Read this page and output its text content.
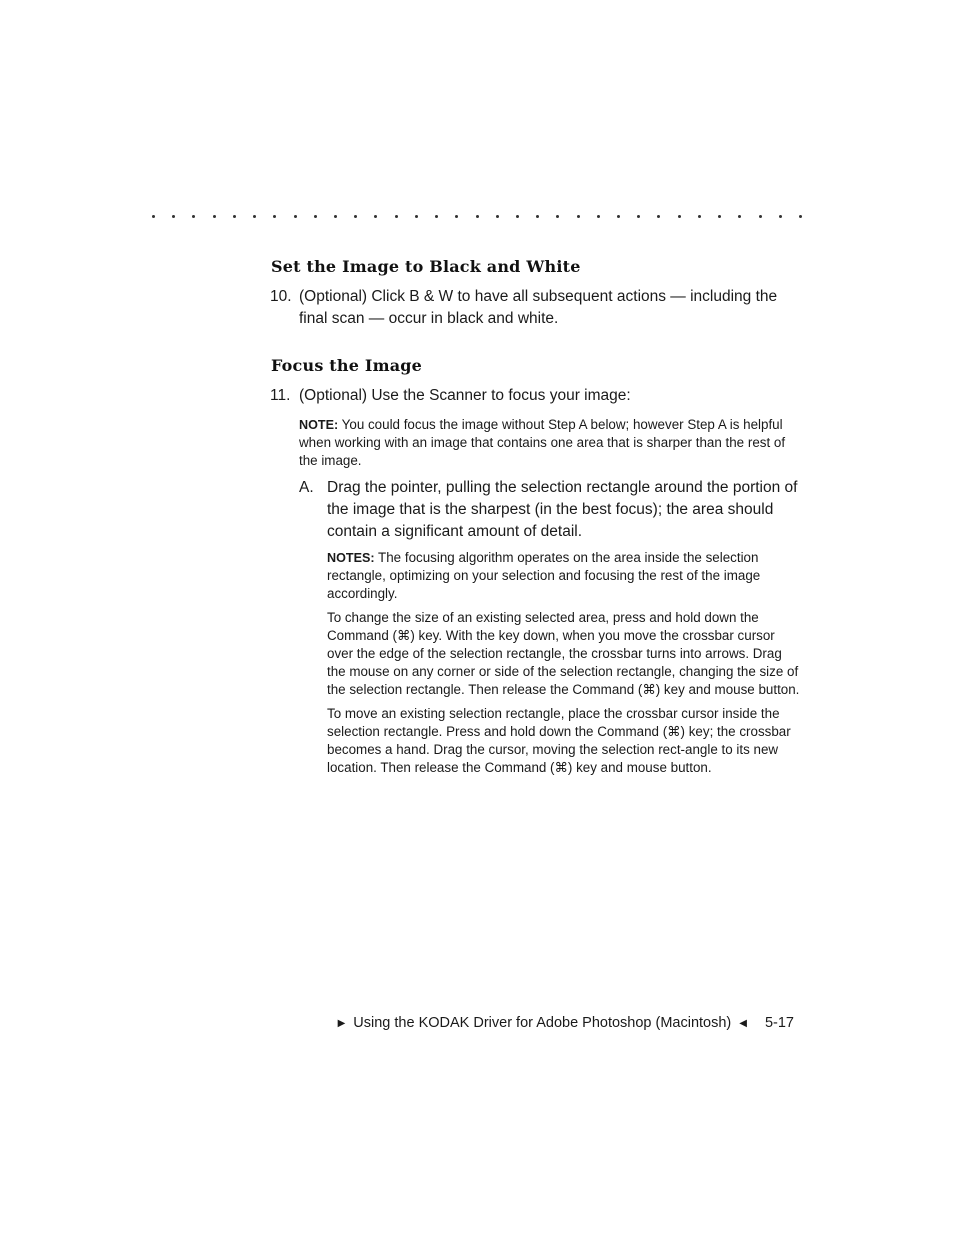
Set the Image to Black and White
10. (Optional) Click B & W to have all subsequent actions — including the final scan — occur in black and white.
Focus the Image
11. (Optional) Use the Scanner to focus your image:
NOTE: You could focus the image without Step A below; however Step A is helpful when working with an image that contains one area that is sharper than the rest of the image.
A. Drag the pointer, pulling the selection rectangle around the portion of the image that is the sharpest (in the best focus); the area should contain a significant amount of detail.
NOTES: The focusing algorithm operates on the area inside the selection rectangle, optimizing on your selection and focusing the rest of the image accordingly.
To change the size of an existing selected area, press and hold down the Command (⌘) key. With the key down, when you move the crossbar cursor over the edge of the selection rectangle, the crossbar turns into arrows. Drag the mouse on any corner or side of the selection rectangle, changing the size of the selection rectangle. Then release the Command (⌘) key and mouse button.
To move an existing selection rectangle, place the crossbar cursor inside the selection rectangle. Press and hold down the Command (⌘) key; the crossbar becomes a hand. Drag the cursor, moving the selection rect-angle to its new location. Then release the Command (⌘) key and mouse button.
▶ Using the KODAK Driver for Adobe Photoshop (Macintosh) ◀ 5-17
